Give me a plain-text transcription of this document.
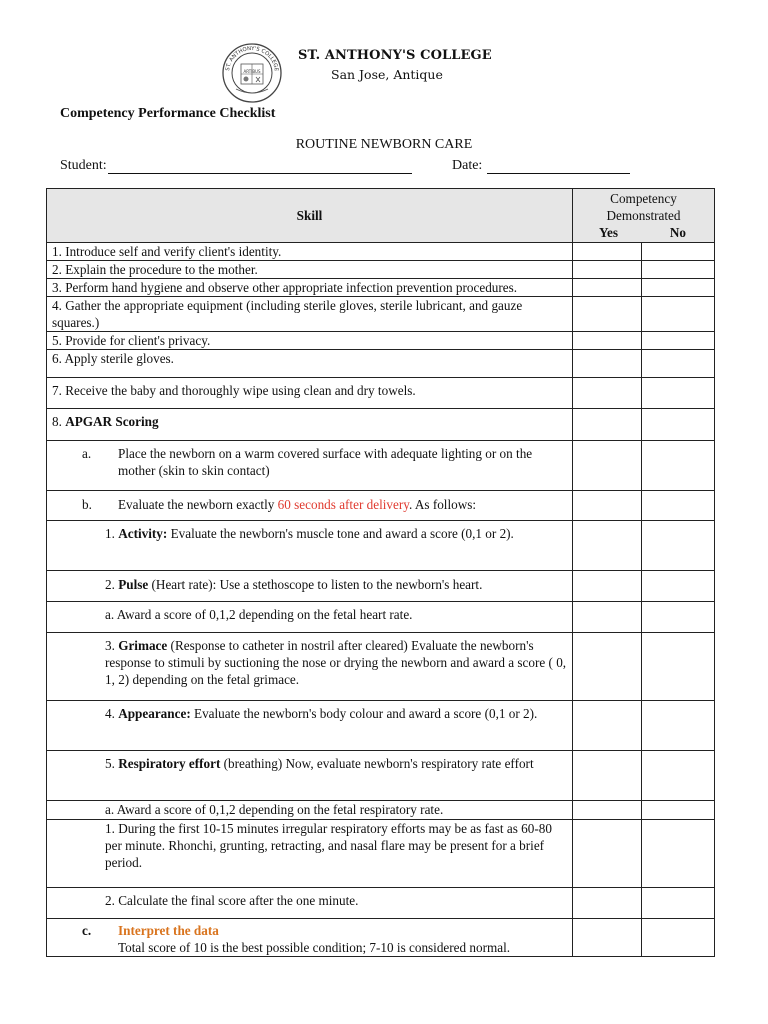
ST. ANTHONY'S COLLEGE
ARTIBUS
ST. ANTHONY'S COLLEGE
San Jose, Antique
Competency Performance Checklist
ROUTINE NEWBORN CARE
Student:	Date:
Skill	Competency
Demonstrated
Yes No	

1. Introduce self and verify client's identity.		
2. Explain the procedure to the mother.		
3. Perform hand hygiene and observe other appropriate infection prevention procedures.		
4. Gather the appropriate equipment (including sterile gloves, sterile lubricant, and gauze squares.)		
5. Provide for client's privacy.		
6. Apply sterile gloves.		
7. Receive the baby and thoroughly wipe using clean and dry towels.		
8. APGAR Scoring		

a. Place the newborn on a warm covered surface with adequate lighting or on the mother (skin to skin contact)		

b. Evaluate the newborn exactly 60 seconds after delivery. As follows:		

1. Activity: Evaluate the newborn's muscle tone and award a score (0,1 or 2).		
2. Pulse (Heart rate): Use a stethoscope to listen to the newborn's heart.		
a. Award a score of 0,1,2 depending on the fetal heart rate.		
3. Grimace (Response to catheter in nostril after cleared) Evaluate the newborn's response to stimuli by suctioning the nose or drying the newborn and award a score ( 0, 1, 2) depending on the fetal grimace.		
4. Appearance: Evaluate the newborn's body colour and award a score (0,1 or 2).		
5. Respiratory effort (breathing) Now, evaluate newborn's respiratory rate effort		
a. Award a score of 0,1,2 depending on the fetal respiratory rate.		
1. During the first 10-15 minutes irregular respiratory efforts may be as fast as 60-80 per minute. Rhonchi, grunting, retracting, and nasal flare may be present for a brief period.		
2. Calculate the final score after the one minute.		

c. Interpret the data
Total score of 10 is the best possible condition; 7-10 is considered normal.		
